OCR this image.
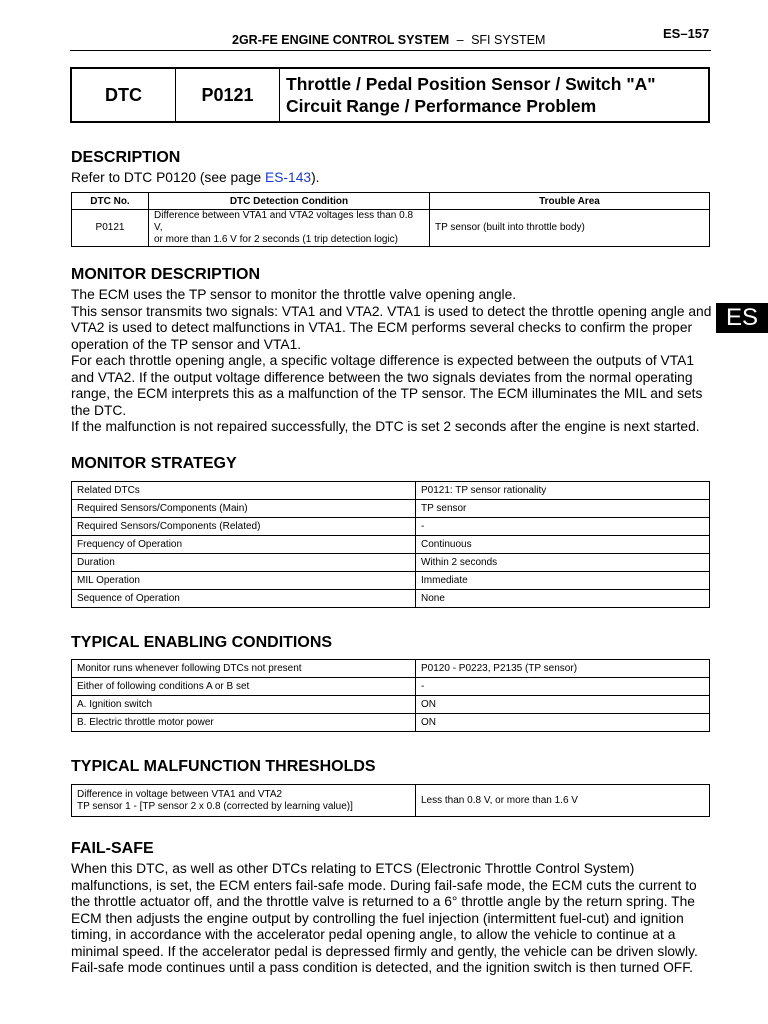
2GR-FE ENGINE CONTROL SYSTEM – SFI SYSTEM	ES–157
DTC	P0121
Throttle / Pedal Position Sensor / Switch "A"
Circuit Range / Performance Problem
DESCRIPTION
Refer to DTC P0120 (see page ES-143).
DTC No.	DTC Detection Condition	Trouble Area
P0121	Difference between VTA1 and VTA2 voltages less than 0.8 V,
or more than 1.6 V for 2 seconds (1 trip detection logic)	TP sensor (built into throttle body)
MONITOR DESCRIPTION

The ECM uses the TP sensor to monitor the throttle valve opening angle.

This sensor transmits two signals: VTA1 and VTA2. VTA1 is used to detect the throttle opening angle and VTA2 is used to detect malfunctions in VTA1. The ECM performs several checks to confirm the proper operation of the TP sensor and VTA1.

For each throttle opening angle, a specific voltage difference is expected between the outputs of VTA1 and VTA2. If the output voltage difference between the two signals deviates from the normal operating range, the ECM interprets this as a malfunction of the TP sensor. The ECM illuminates the MIL and sets the DTC.

If the malfunction is not repaired successfully, the DTC is set 2 seconds after the engine is next started.

ES
MONITOR STRATEGY
Related DTCs	P0121: TP sensor rationality
Required Sensors/Components (Main)	TP sensor
Required Sensors/Components (Related)	-
Frequency of Operation	Continuous
Duration	Within 2 seconds
MIL Operation	Immediate
Sequence of Operation	None
TYPICAL ENABLING CONDITIONS
Monitor runs whenever following DTCs not present	P0120 - P0223, P2135 (TP sensor)
Either of following conditions A or B set	-
A. Ignition switch	ON
B. Electric throttle motor power	ON
TYPICAL MALFUNCTION THRESHOLDS
Difference in voltage between VTA1 and VTA2
TP sensor 1 - [TP sensor 2 x 0.8 (corrected by learning value)]	Less than 0.8 V, or more than 1.6 V
FAIL-SAFE
When this DTC, as well as other DTCs relating to ETCS (Electronic Throttle Control System) malfunctions, is set, the ECM enters fail-safe mode. During fail-safe mode, the ECM cuts the current to the throttle actuator off, and the throttle valve is returned to a 6° throttle angle by the return spring. The ECM then adjusts the engine output by controlling the fuel injection (intermittent fuel-cut) and ignition timing, in accordance with the accelerator pedal opening angle, to allow the vehicle to continue at a minimal speed. If the accelerator pedal is depressed firmly and gently, the vehicle can be driven slowly. Fail-safe mode continues until a pass condition is detected, and the ignition switch is then turned OFF.
